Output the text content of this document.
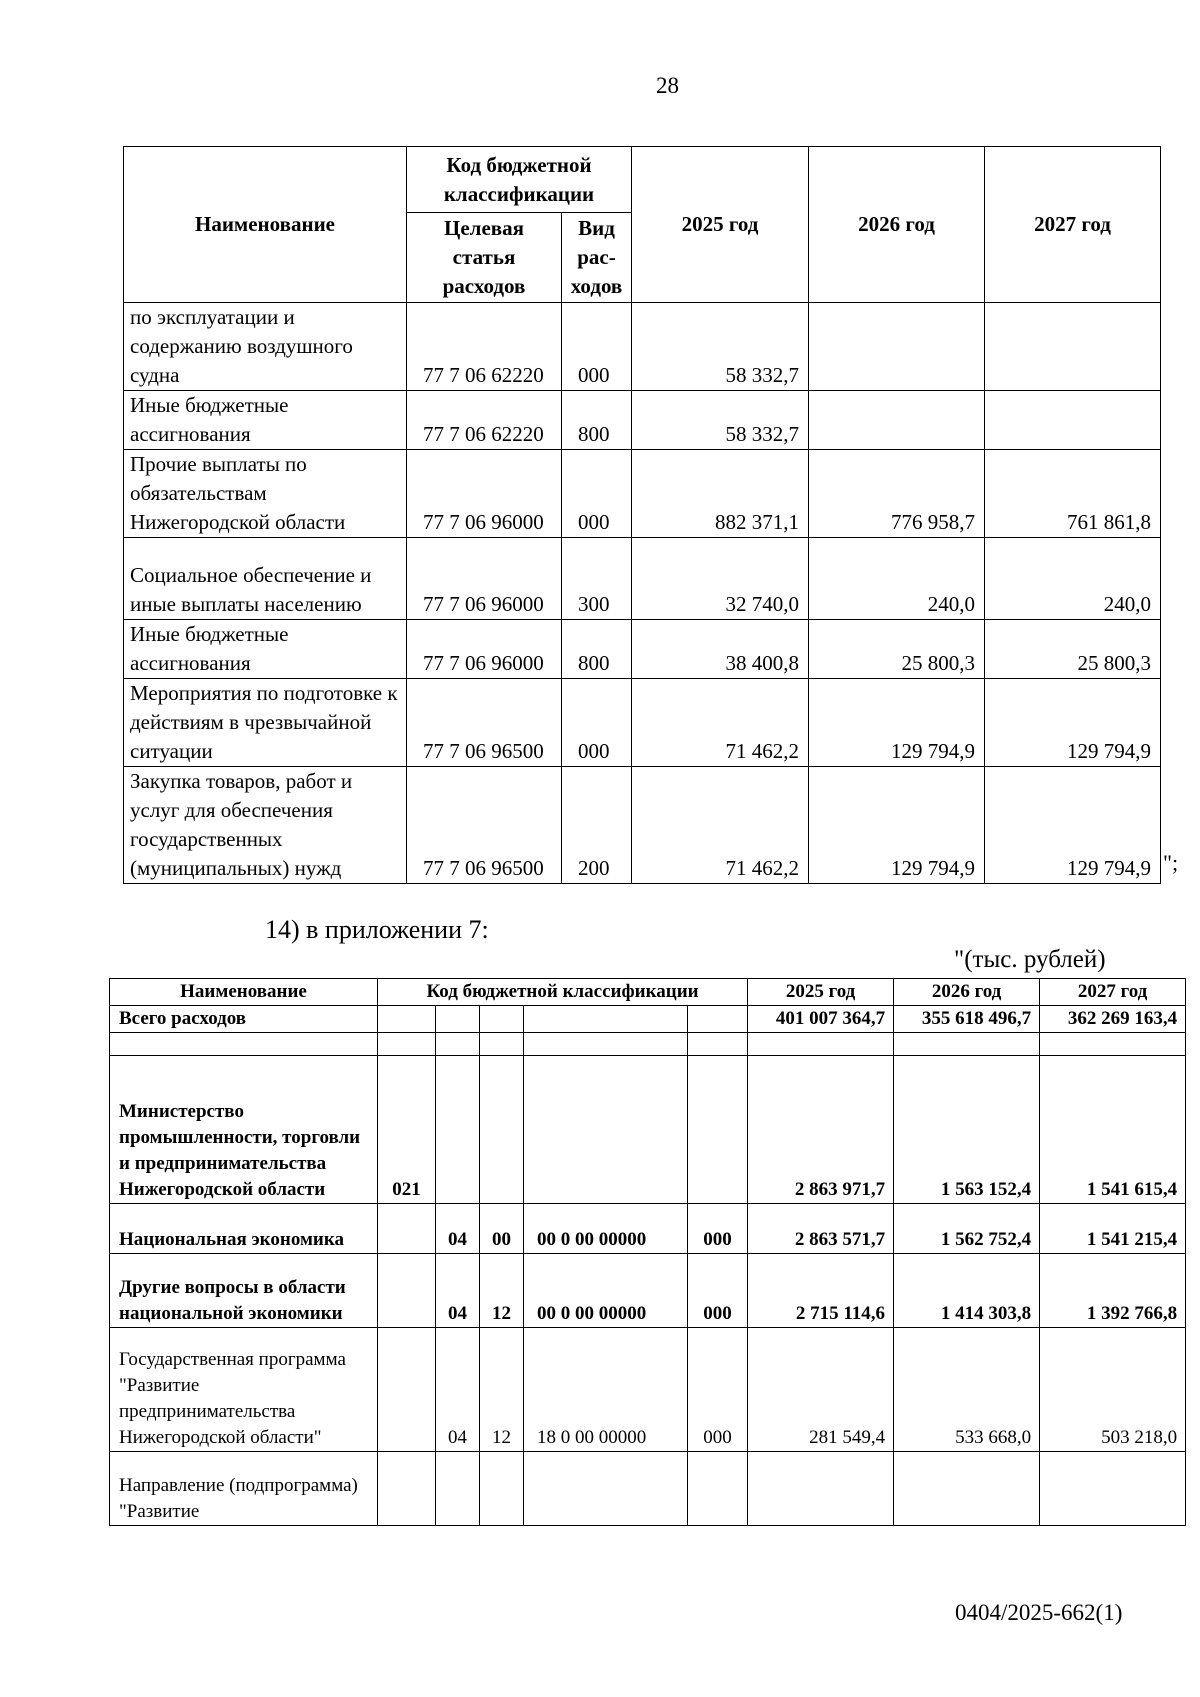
28
Наименование	Код бюджетной классификации		2025 год	2026 год	2027 год
	Целевая статья расходов	Вид рас-ходов			
по эксплуатации и содержанию воздушного судна	77 7 06 62220	000	58 332,7		
Иные бюджетные ассигнования	77 7 06 62220	800	58 332,7		
Прочие выплаты по обязательствам Нижегородской области	77 7 06 96000	000	882 371,1	776 958,7	761 861,8
Социальное обеспечение и иные выплаты населению	77 7 06 96000	300	32 740,0	240,0	240,0
Иные бюджетные ассигнования	77 7 06 96000	800	38 400,8	25 800,3	25 800,3
Мероприятия по подготовке к действиям в чрезвычайной ситуации	77 7 06 96500	000	71 462,2	129 794,9	129 794,9
Закупка товаров, работ и услуг для обеспечения государственных (муниципальных) нужд	77 7 06 96500	200	71 462,2	129 794,9	129 794,9 ";
14) в приложении 7:
"(тыс. рублей)
Наименование	Код бюджетной классификации					2025 год	2026 год	2027 год
Всего расходов						401 007 364,7	355 618 496,7	362 269 163,4

Министерство промышленности, торговли и предпринимательства Нижегородской области	021					2 863 971,7	1 563 152,4	1 541 615,4
Национальная экономика		04	00	00 0 00 00000	000	2 863 571,7	1 562 752,4	1 541 215,4
Другие вопросы в области национальной экономики		04	12	00 0 00 00000	000	2 715 114,6	1 414 303,8	1 392 766,8
Государственная программа "Развитие предпринимательства Нижегородской области"		04	12	18 0 00 00000	000	281 549,4	533 668,0	503 218,0
Направление (подпрограмма) "Развитие								
0404/2025-662(1)
